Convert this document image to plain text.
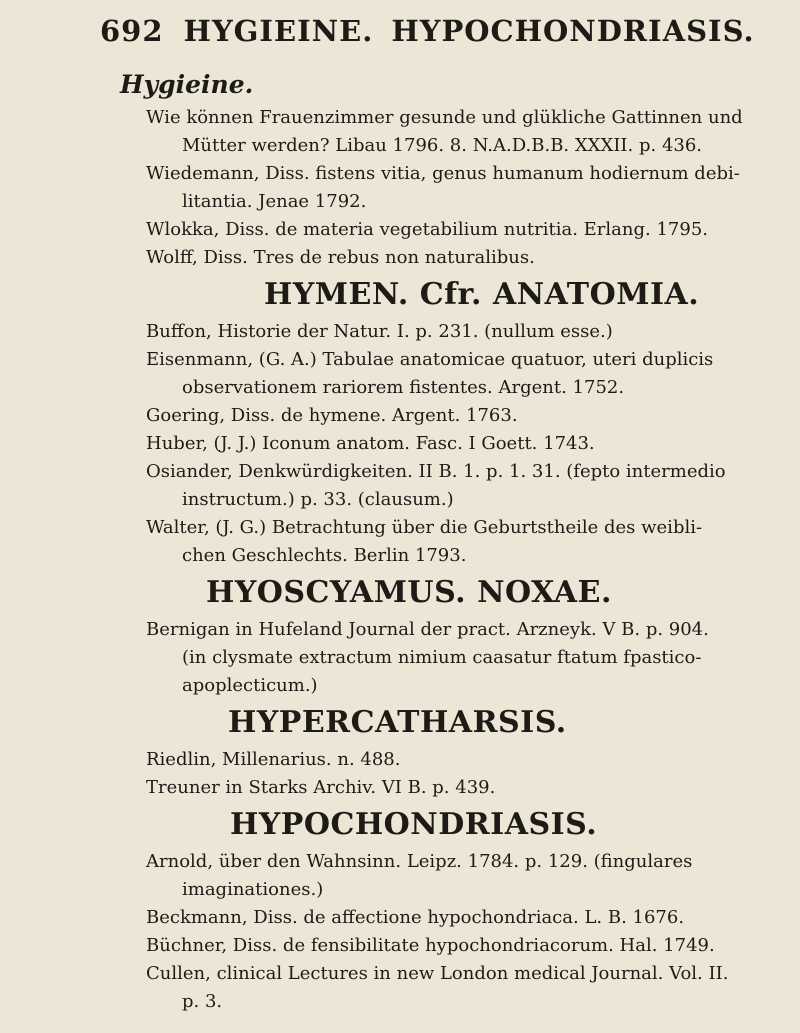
692 HYGIEINE. HYPOCHONDRIASIS.
Hygieine.

Wie können Frauenzimmer gesunde und glükliche Gattinnen und
Mütter werden? Libau 1796. 8. N.A.D.B.B. XXXII. p. 436.

Wiedemann, Diss. fistens vitia, genus humanum hodiernum debi-
litantia. Jenae 1792.

Wlokka, Diss. de materia vegetabilium nutritia. Erlang. 1795.

Wolff, Diss. Tres de rebus non naturalibus.

HYMEN. Cfr. ANATOMIA.

Buffon, Historie der Natur. I. p. 231. (nullum esse.)

Eisenmann, (G. A.) Tabulae anatomicae quatuor, uteri duplicis
observationem rariorem fistentes. Argent. 1752.

Goering, Diss. de hymene. Argent. 1763.

Huber, (J. J.) Iconum anatom. Fasc. I Goett. 1743.

Osiander, Denkwürdigkeiten. II B. 1. p. 1. 31. (fepto intermedio
instructum.) p. 33. (clausum.)

Walter, (J. G.) Betrachtung über die Geburtstheile des weibli-
chen Geschlechts. Berlin 1793.

HYOSCYAMUS. NOXAE.

Bernigan in Hufeland Journal der pract. Arzneyk. V B. p. 904.
(in clysmate extractum nimium caasatur ftatum fpastico-
apoplecticum.)

HYPERCATHARSIS.

Riedlin, Millenarius. n. 488.

Treuner in Starks Archiv. VI B. p. 439.

HYPOCHONDRIASIS.

Arnold, über den Wahnsinn. Leipz. 1784. p. 129. (fingulares
imaginationes.)

Beckmann, Diss. de affectione hypochondriaca. L. B. 1676.

Büchner, Diss. de fensibilitate hypochondriacorum. Hal. 1749.

Cullen, clinical Lectures in new London medical Journal. Vol. II.
p. 3.
